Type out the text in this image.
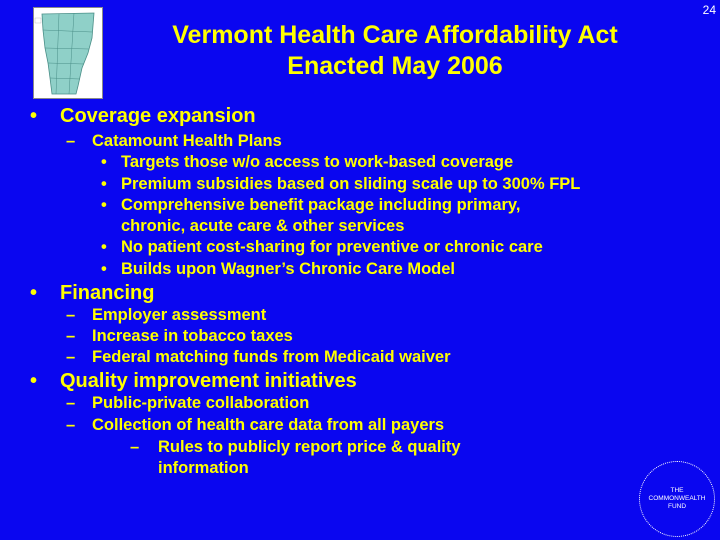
24
Vermont Health Care Affordability Act
Enacted May 2006
• Coverage expansion
– Catamount Health Plans
• Targets those w/o access to work-based coverage
• Premium subsidies based on sliding scale up to 300% FPL
• Comprehensive benefit package including primary,
chronic, acute care & other services
• No patient cost-sharing for preventive or chronic care
• Builds upon Wagner’s Chronic Care Model
• Financing
– Employer assessment
– Increase in tobacco taxes
– Federal matching funds from Medicaid waiver
• Quality improvement initiatives
– Public-private collaboration
– Collection of health care data from all payers
– Rules to publicly report price & quality
information
THE
COMMONWEALTH
FUND
